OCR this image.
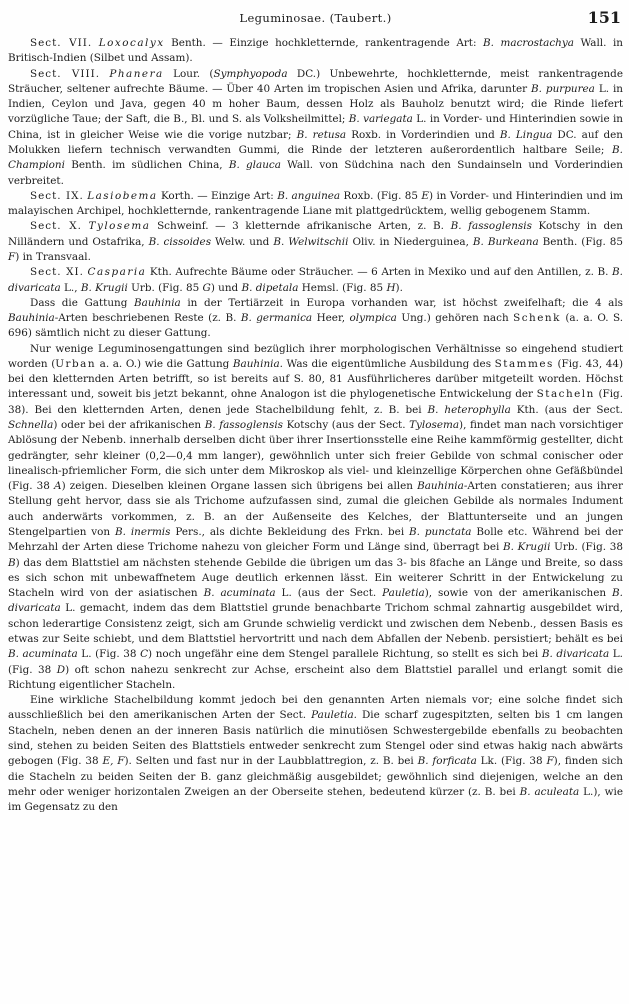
Leguminosae. (Taubert.)	151

Sect. VII. Loxocalyx Benth. — Einzige hochkletternde, rankentragende Art: B. macrostachya Wall. in Britisch-Indien (Silbet und Assam).

Sect. VIII. Phanera Lour. (Symphyopoda DC.) Unbewehrte, hochkletternde, meist rankentragende Sträucher, seltener aufrechte Bäume. — Über 40 Arten im tropischen Asien und Afrika, darunter B. purpurea L. in Indien, Ceylon und Java, gegen 40 m hoher Baum, dessen Holz als Bauholz benutzt wird; die Rinde liefert vorzügliche Taue; der Saft, die B., Bl. und S. als Volksheilmittel; B. variegata L. in Vorder- und Hinterindien sowie in China, ist in gleicher Weise wie die vorige nutzbar; B. retusa Roxb. in Vorderindien und B. Lingua DC. auf den Molukken liefern technisch verwandten Gummi, die Rinde der letzteren außerordentlich haltbare Seile; B. Championi Benth. im südlichen China, B. glauca Wall. von Südchina nach den Sundainseln und Vorderindien verbreitet.

Sect. IX. Lasiobema Korth. — Einzige Art: B. anguinea Roxb. (Fig. 85 E) in Vorder- und Hinterindien und im malayischen Archipel, hochkletternde, rankentragende Liane mit plattgedrücktem, wellig gebogenem Stamm.

Sect. X. Tylosema Schweinf. — 3 kletternde afrikanische Arten, z. B. B. fassoglensis Kotschy in den Nilländern und Ostafrika, B. cissoides Welw. und B. Welwitschii Oliv. in Niederguinea, B. Burkeana Benth. (Fig. 85 F) in Transvaal.

Sect. XI. Casparia Kth. Aufrechte Bäume oder Sträucher. — 6 Arten in Mexiko und auf den Antillen, z. B. B. divaricata L., B. Krugii Urb. (Fig. 85 G) und B. dipetala Hemsl. (Fig. 85 H).

Dass die Gattung Bauhinia in der Tertiärzeit in Europa vorhanden war, ist höchst zweifelhaft; die 4 als Bauhinia-Arten beschriebenen Reste (z. B. B. germanica Heer, olympica Ung.) gehören nach Schenk (a. a. O. S. 696) sämtlich nicht zu dieser Gattung.

Nur wenige Leguminosengattungen sind bezüglich ihrer morphologischen Verhältnisse so eingehend studiert worden (Urban a. a. O.) wie die Gattung Bauhinia. Was die eigentümliche Ausbildung des Stammes (Fig. 43, 44) bei den kletternden Arten betrifft, so ist bereits auf S. 80, 81 Ausführlicheres darüber mitgeteilt worden. Höchst interessant und, soweit bis jetzt bekannt, ohne Analogon ist die phylogenetische Entwickelung der Stacheln (Fig. 38). Bei den kletternden Arten, denen jede Stachelbildung fehlt, z. B. bei B. heterophylla Kth. (aus der Sect. Schnella) oder bei der afrikanischen B. fassoglensis Kotschy (aus der Sect. Tylosema), findet man nach vorsichtiger Ablösung der Nebenb. innerhalb derselben dicht über ihrer Insertionsstelle eine Reihe kammförmig gestellter, dicht gedrängter, sehr kleiner (0,2—0,4 mm langer), gewöhnlich unter sich freier Gebilde von schmal conischer oder linealisch-pfriemlicher Form, die sich unter dem Mikroskop als viel- und kleinzellige Körperchen ohne Gefäßbündel (Fig. 38 A) zeigen. Dieselben kleinen Organe lassen sich übrigens bei allen Bauhinia-Arten constatieren; aus ihrer Stellung geht hervor, dass sie als Trichome aufzufassen sind, zumal die gleichen Gebilde als normales Indument auch anderwärts vorkommen, z. B. an der Außenseite des Kelches, der Blattunterseite und an jungen Stengelpartien von B. inermis Pers., als dichte Bekleidung des Frkn. bei B. punctata Bolle etc. Während bei der Mehrzahl der Arten diese Trichome nahezu von gleicher Form und Länge sind, überragt bei B. Krugii Urb. (Fig. 38 B) das dem Blattstiel am nächsten stehende Gebilde die übrigen um das 3- bis 8fache an Länge und Breite, so dass es sich schon mit unbewaffnetem Auge deutlich erkennen lässt. Ein weiterer Schritt in der Entwickelung zu Stacheln wird von der asiatischen B. acuminata L. (aus der Sect. Pauletia), sowie von der amerikanischen B. divaricata L. gemacht, indem das dem Blattstiel grunde benachbarte Trichom schmal zahnartig ausgebildet wird, schon lederartige Consistenz zeigt, sich am Grunde schwielig verdickt und zwischen dem Nebenb., dessen Basis es etwas zur Seite schiebt, und dem Blattstiel hervortritt und nach dem Abfallen der Nebenb. persistiert; behält es bei B. acuminata L. (Fig. 38 C) noch ungefähr eine dem Stengel parallele Richtung, so stellt es sich bei B. divaricata L. (Fig. 38 D) oft schon nahezu senkrecht zur Achse, erscheint also dem Blattstiel parallel und erlangt somit die Richtung eigentlicher Stacheln.

Eine wirkliche Stachelbildung kommt jedoch bei den genannten Arten niemals vor; eine solche findet sich ausschließlich bei den amerikanischen Arten der Sect. Pauletia. Die scharf zugespitzten, selten bis 1 cm langen Stacheln, neben denen an der inneren Basis natürlich die minutiösen Schwestergebilde ebenfalls zu beobachten sind, stehen zu beiden Seiten des Blattstiels entweder senkrecht zum Stengel oder sind etwas hakig nach abwärts gebogen (Fig. 38 E, F). Selten und fast nur in der Laubblattregion, z. B. bei B. forficata Lk. (Fig. 38 F), finden sich die Stacheln zu beiden Seiten der B. ganz gleichmäßig ausgebildet; gewöhnlich sind diejenigen, welche an den mehr oder weniger horizontalen Zweigen an der Oberseite stehen, bedeutend kürzer (z. B. bei B. aculeata L.), wie im Gegensatz zu den
